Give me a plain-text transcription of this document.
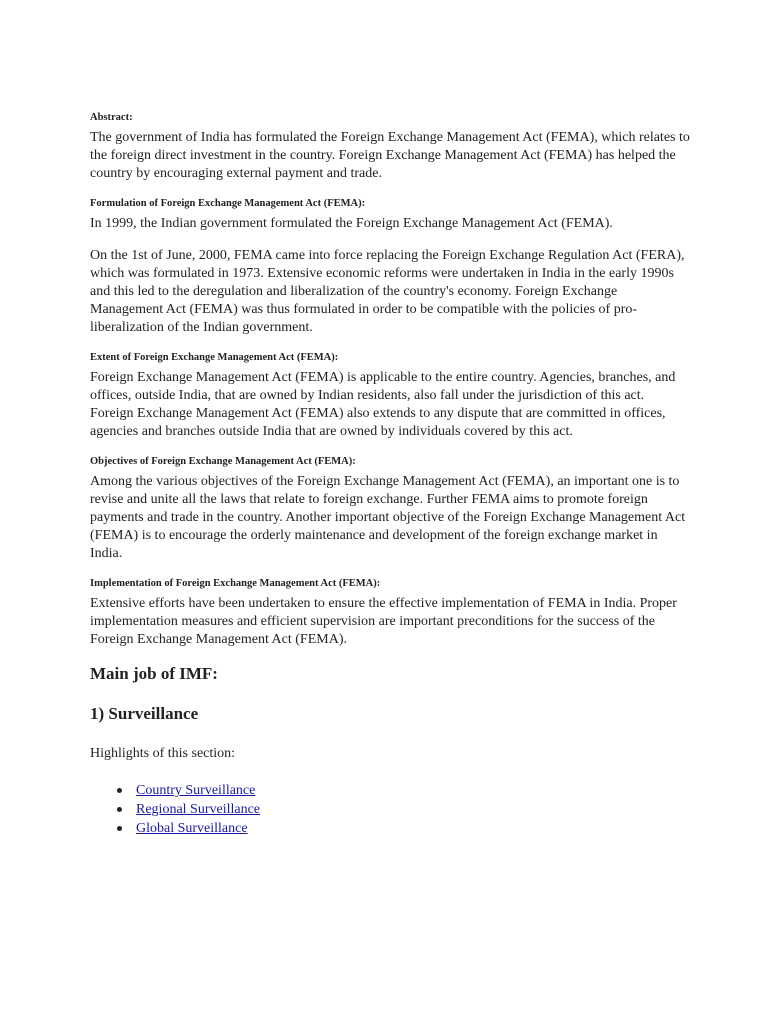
Abstract:

The government of India has formulated the Foreign Exchange Management Act (FEMA), which relates to the foreign direct investment in the country. Foreign Exchange Management Act (FEMA) has helped the country by encouraging external payment and trade.

Formulation of Foreign Exchange Management Act (FEMA):

In 1999, the Indian government formulated the Foreign Exchange Management Act (FEMA).

On the 1st of June, 2000, FEMA came into force replacing the Foreign Exchange Regulation Act (FERA), which was formulated in 1973. Extensive economic reforms were undertaken in India in the early 1990s and this led to the deregulation and liberalization of the country's economy. Foreign Exchange Management Act (FEMA) was thus formulated in order to be compatible with the policies of pro- liberalization of the Indian government.

Extent of Foreign Exchange Management Act (FEMA):

Foreign Exchange Management Act (FEMA) is applicable to the entire country. Agencies, branches, and offices, outside India, that are owned by Indian residents, also fall under the jurisdiction of this act. Foreign Exchange Management Act (FEMA) also extends to any dispute that are committed in offices, agencies and branches outside India that are owned by individuals covered by this act.

Objectives of Foreign Exchange Management Act (FEMA):

Among the various objectives of the Foreign Exchange Management Act (FEMA), an important one is to revise and unite all the laws that relate to foreign exchange. Further FEMA aims to promote foreign payments and trade in the country. Another important objective of the Foreign Exchange Management Act (FEMA) is to encourage the orderly maintenance and development of the foreign exchange market in India.

Implementation of Foreign Exchange Management Act (FEMA):

Extensive efforts have been undertaken to ensure the effective implementation of FEMA in India. Proper implementation measures and efficient supervision are important preconditions for the success of the Foreign Exchange Management Act (FEMA).

Main job of IMF:
1) Surveillance

Highlights of this section:

Country Surveillance
Regional Surveillance
Global Surveillance
